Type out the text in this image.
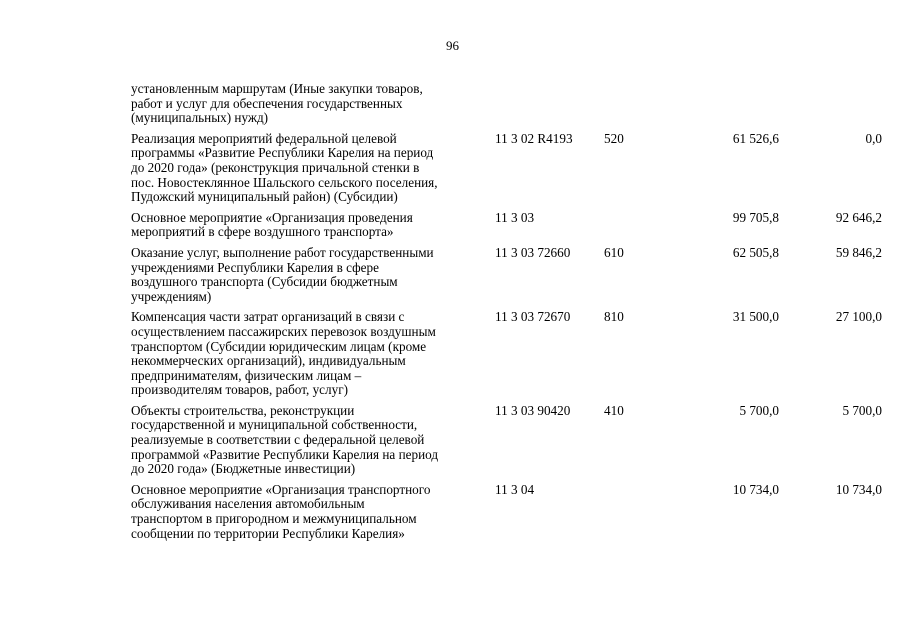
96
установленным маршрутам (Иные закупки товаров,
работ и услуг для обеспечения государственных
(муниципальных) нужд)
Реализация мероприятий федеральной целевой
программы «Развитие Республики Карелия на период
до 2020 года» (реконструкция причальной стенки в
пос. Новостеклянное Шальского сельского поселения,
Пудожский муниципальный район) (Субсидии)
11 3 02 R4193 520	61 526,6	0,0
Основное мероприятие «Организация проведения
мероприятий в сфере воздушного транспорта»
11 3 03	99 705,8	92 646,2
Оказание услуг, выполнение работ государственными
учреждениями Республики Карелия в сфере
воздушного транспорта (Субсидии бюджетным
учреждениям)
11 3 03 72660	610	62 505,8	59 846,2
Компенсация части затрат организаций в связи с
осуществлением пассажирских перевозок воздушным
транспортом (Субсидии юридическим лицам (кроме
некоммерческих организаций), индивидуальным
предпринимателям, физическим лицам –
производителям товаров, работ, услуг)
11 3 03 72670	810	31 500,0	27 100,0
Объекты строительства, реконструкции
государственной и муниципальной собственности,
реализуемые в соответствии с федеральной целевой
программой «Развитие Республики Карелия на период
до 2020 года» (Бюджетные инвестиции)
11 3 03 90420	410	5 700,0	5 700,0
Основное мероприятие «Организация транспортного
обслуживания населения автомобильным
транспортом в пригородном и межмуниципальном
сообщении по территории Республики Карелия»
11 3 04	10 734,0	10 734,0
